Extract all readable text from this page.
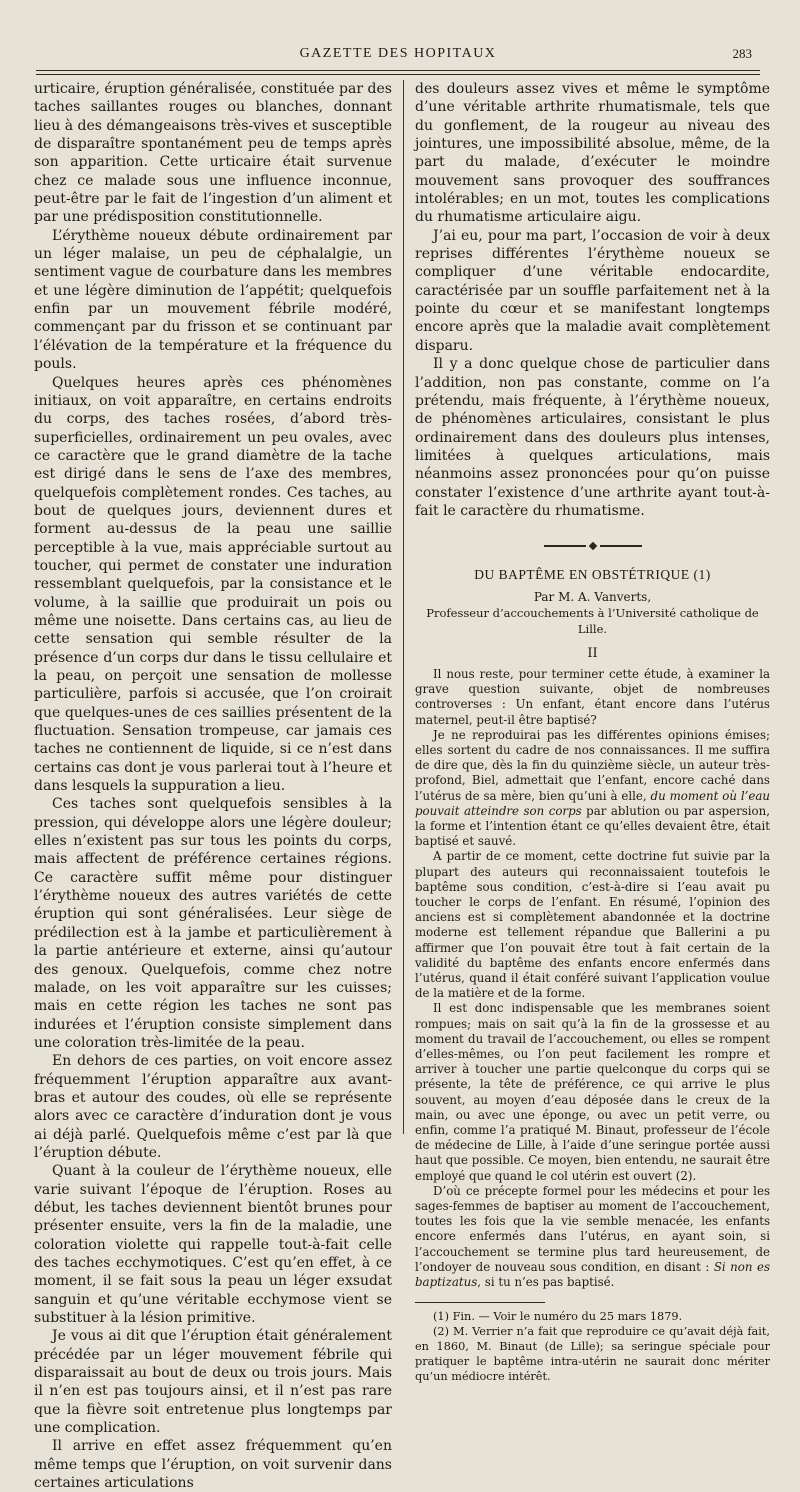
GAZETTE DES HOPITAUX	283

urticaire, éruption généralisée, constituée par des taches saillantes rouges ou blanches, donnant lieu à des démangeaisons très-vives et susceptible de disparaître spontanément peu de temps après son apparition. Cette urticaire était survenue chez ce malade sous une influence inconnue, peut-être par le fait de l’ingestion d’un aliment et par une prédisposition constitutionnelle.

L’érythème noueux débute ordinairement par un léger malaise, un peu de céphalalgie, un sentiment vague de courbature dans les membres et une légère diminution de l’appétit; quelquefois enfin par un mouvement fébrile modéré, commençant par du frisson et se continuant par l’élévation de la température et la fréquence du pouls.

Quelques heures après ces phénomènes initiaux, on voit apparaître, en certains endroits du corps, des taches rosées, d’abord très-superficielles, ordinairement un peu ovales, avec ce caractère que le grand diamètre de la tache est dirigé dans le sens de l’axe des membres, quelquefois complètement rondes. Ces taches, au bout de quelques jours, deviennent dures et forment au-dessus de la peau une saillie perceptible à la vue, mais appréciable surtout au toucher, qui permet de constater une induration ressemblant quelquefois, par la consistance et le volume, à la saillie que produirait un pois ou même une noisette. Dans certains cas, au lieu de cette sensation qui semble résulter de la présence d’un corps dur dans le tissu cellulaire et la peau, on perçoit une sensation de mollesse particulière, parfois si accusée, que l’on croirait que quelques-unes de ces saillies présentent de la fluctuation. Sensation trompeuse, car jamais ces taches ne contiennent de liquide, si ce n’est dans certains cas dont je vous parlerai tout à l’heure et dans lesquels la suppuration a lieu.

Ces taches sont quelquefois sensibles à la pression, qui développe alors une légère douleur; elles n’existent pas sur tous les points du corps, mais affectent de préférence certaines régions. Ce caractère suffit même pour distinguer l’érythème noueux des autres variétés de cette éruption qui sont généralisées. Leur siège de prédilection est à la jambe et particulièrement à la partie antérieure et externe, ainsi qu’autour des genoux. Quelquefois, comme chez notre malade, on les voit apparaître sur les cuisses; mais en cette région les taches ne sont pas indurées et l’éruption consiste simplement dans une coloration très-limitée de la peau.

En dehors de ces parties, on voit encore assez fréquemment l’éruption apparaître aux avant-bras et autour des coudes, où elle se représente alors avec ce caractère d’induration dont je vous ai déjà parlé. Quelquefois même c’est par là que l’éruption débute.

Quant à la couleur de l’érythème noueux, elle varie suivant l’époque de l’éruption. Roses au début, les taches deviennent bientôt brunes pour présenter ensuite, vers la fin de la maladie, une coloration violette qui rappelle tout-à-fait celle des taches ecchymotiques. C’est qu’en effet, à ce moment, il se fait sous la peau un léger exsudat sanguin et qu’une véritable ecchymose vient se substituer à la lésion primitive.

Je vous ai dit que l’éruption était généralement précédée par un léger mouvement fébrile qui disparaissait au bout de deux ou trois jours. Mais il n’en est pas toujours ainsi, et il n’est pas rare que la fièvre soit entretenue plus longtemps par une complication.

Il arrive en effet assez fréquemment qu’en même temps que l’éruption, on voit survenir dans certaines articulations

des douleurs assez vives et même le symptôme d’une véritable arthrite rhumatismale, tels que du gonflement, de la rougeur au niveau des jointures, une impossibilité absolue, même, de la part du malade, d’exécuter le moindre mouvement sans provoquer des souffrances intolérables; en un mot, toutes les complications du rhumatisme articulaire aigu.

J’ai eu, pour ma part, l’occasion de voir à deux reprises différentes l’érythème noueux se compliquer d’une véritable endocardite, caractérisée par un souffle parfaitement net à la pointe du cœur et se manifestant longtemps encore après que la maladie avait complètement disparu.

Il y a donc quelque chose de particulier dans l’addition, non pas constante, comme on l’a prétendu, mais fréquente, à l’érythème noueux, de phénomènes articulaires, consistant le plus ordinairement dans des douleurs plus intenses, limitées à quelques articulations, mais néanmoins assez prononcées pour qu’on puisse constater l’existence d’une arthrite ayant tout-à-fait le caractère du rhumatisme.

DU BAPTÊME EN OBSTÉTRIQUE (1)
Par M. A. Vanverts,
Professeur d’accouchements à l’Université catholique de Lille.
II

Il nous reste, pour terminer cette étude, à examiner la grave question suivante, objet de nombreuses controverses : Un enfant, étant encore dans l’utérus maternel, peut-il être baptisé?

Je ne reproduirai pas les différentes opinions émises; elles sortent du cadre de nos connaissances. Il me suffira de dire que, dès la fin du quinzième siècle, un auteur très-profond, Biel, admettait que l’enfant, encore caché dans l’utérus de sa mère, bien qu’uni à elle, du moment où l’eau pouvait atteindre son corps par ablution ou par aspersion, la forme et l’intention étant ce qu’elles devaient être, était baptisé et sauvé.

A partir de ce moment, cette doctrine fut suivie par la plupart des auteurs qui reconnaissaient toutefois le baptême sous condition, c’est-à-dire si l’eau avait pu toucher le corps de l’enfant. En résumé, l’opinion des anciens est si complètement abandonnée et la doctrine moderne est tellement répandue que Ballerini a pu affirmer que l’on pouvait être tout à fait certain de la validité du baptême des enfants encore enfermés dans l’utérus, quand il était conféré suivant l’application voulue de la matière et de la forme.

Il est donc indispensable que les membranes soient rompues; mais on sait qu’à la fin de la grossesse et au moment du travail de l’accouchement, ou elles se rompent d’elles-mêmes, ou l’on peut facilement les rompre et arriver à toucher une partie quelconque du corps qui se présente, la tête de préférence, ce qui arrive le plus souvent, au moyen d’eau déposée dans le creux de la main, ou avec une éponge, ou avec un petit verre, ou enfin, comme l’a pratiqué M. Binaut, professeur de l’école de médecine de Lille, à l’aide d’une seringue portée aussi haut que possible. Ce moyen, bien entendu, ne saurait être employé que quand le col utérin est ouvert (2).

D’où ce précepte formel pour les médecins et pour les sages-femmes de baptiser au moment de l’accouchement, toutes les fois que la vie semble menacée, les enfants encore enfermés dans l’utérus, en ayant soin, si l’accouchement se termine plus tard heureusement, de l’ondoyer de nouveau sous condition, en disant : Si non es baptizatus, si tu n’es pas baptisé.

(1) Fin. — Voir le numéro du 25 mars 1879.

(2) M. Verrier n’a fait que reproduire ce qu’avait déjà fait, en 1860, M. Binaut (de Lille); sa seringue spéciale pour pratiquer le baptême intra-utérin ne saurait donc mériter qu’un médiocre intérêt.
